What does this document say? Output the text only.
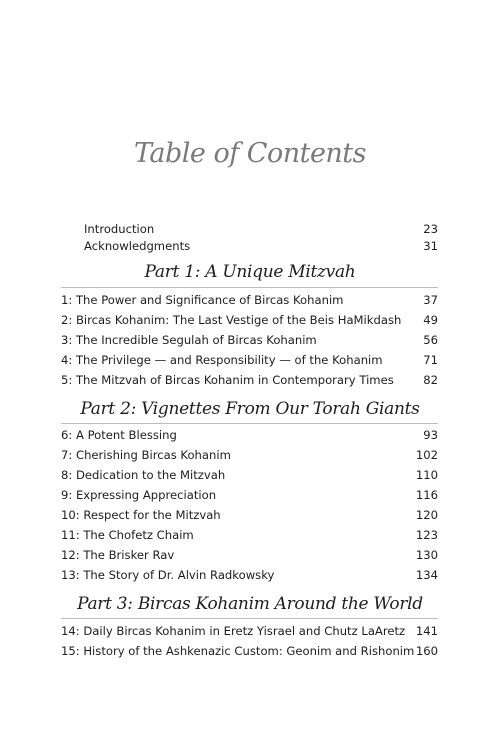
Table of Contents
Introduction	23
Acknowledgments	31
Part 1: A Unique Mitzvah
1: The Power and Significance of Bircas Kohanim	37
2: Bircas Kohanim: The Last Vestige of the Beis HaMikdash 49
3: The Incredible Segulah of Bircas Kohanim	56
4: The Privilege — and Responsibility — of the Kohanim	71
5: The Mitzvah of Bircas Kohanim in Contemporary Times	82
Part 2: Vignettes From Our Torah Giants
6: A Potent Blessing	93
7: Cherishing Bircas Kohanim	102
8: Dedication to the Mitzvah	110
9: Expressing Appreciation	116
10: Respect for the Mitzvah	120
11: The Chofetz Chaim	123
12: The Brisker Rav	130
13: The Story of Dr. Alvin Radkowsky	134
Part 3: Bircas Kohanim Around the World
14: Daily Bircas Kohanim in Eretz Yisrael and Chutz LaAretz 141
15: History of the Ashkenazic Custom: Geonim and Rishonim 160
